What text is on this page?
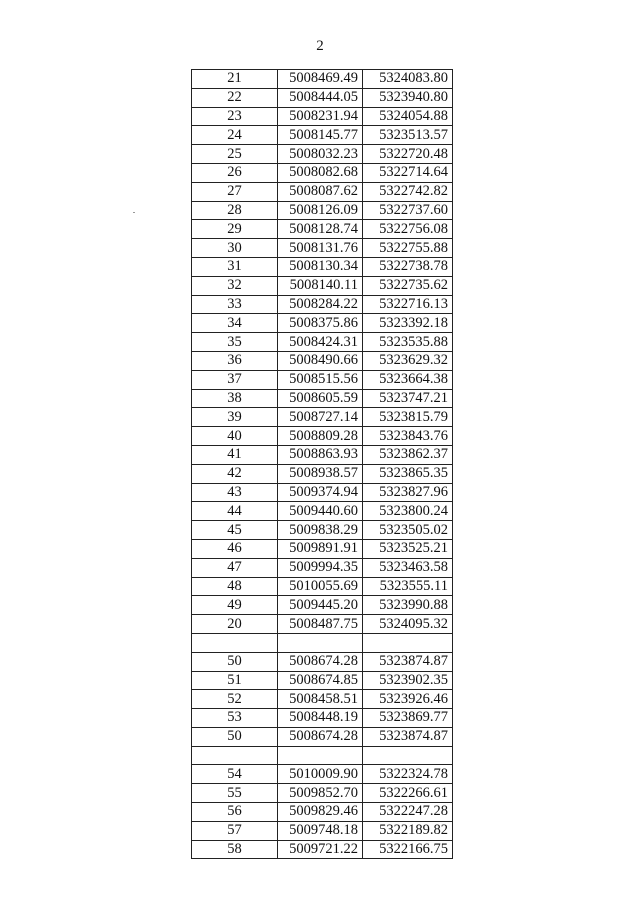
2
21	5008469.49	5324083.80
22	5008444.05	5323940.80
23	5008231.94	5324054.88
24	5008145.77	5323513.57
25	5008032.23	5322720.48
26	5008082.68	5322714.64
27	5008087.62	5322742.82
28	5008126.09	5322737.60
29	5008128.74	5322756.08
30	5008131.76	5322755.88
31	5008130.34	5322738.78
32	5008140.11	5322735.62
33	5008284.22	5322716.13
34	5008375.86	5323392.18
35	5008424.31	5323535.88
36	5008490.66	5323629.32
37	5008515.56	5323664.38
38	5008605.59	5323747.21
39	5008727.14	5323815.79
40	5008809.28	5323843.76
41	5008863.93	5323862.37
42	5008938.57	5323865.35
43	5009374.94	5323827.96
44	5009440.60	5323800.24
45	5009838.29	5323505.02
46	5009891.91	5323525.21
47	5009994.35	5323463.58
48	5010055.69	5323555.11
49	5009445.20	5323990.88
20	5008487.75	5324095.32

50	5008674.28	5323874.87
51	5008674.85	5323902.35
52	5008458.51	5323926.46
53	5008448.19	5323869.77
50	5008674.28	5323874.87

54	5010009.90	5322324.78
55	5009852.70	5322266.61
56	5009829.46	5322247.28
57	5009748.18	5322189.82
58	5009721.22	5322166.75
